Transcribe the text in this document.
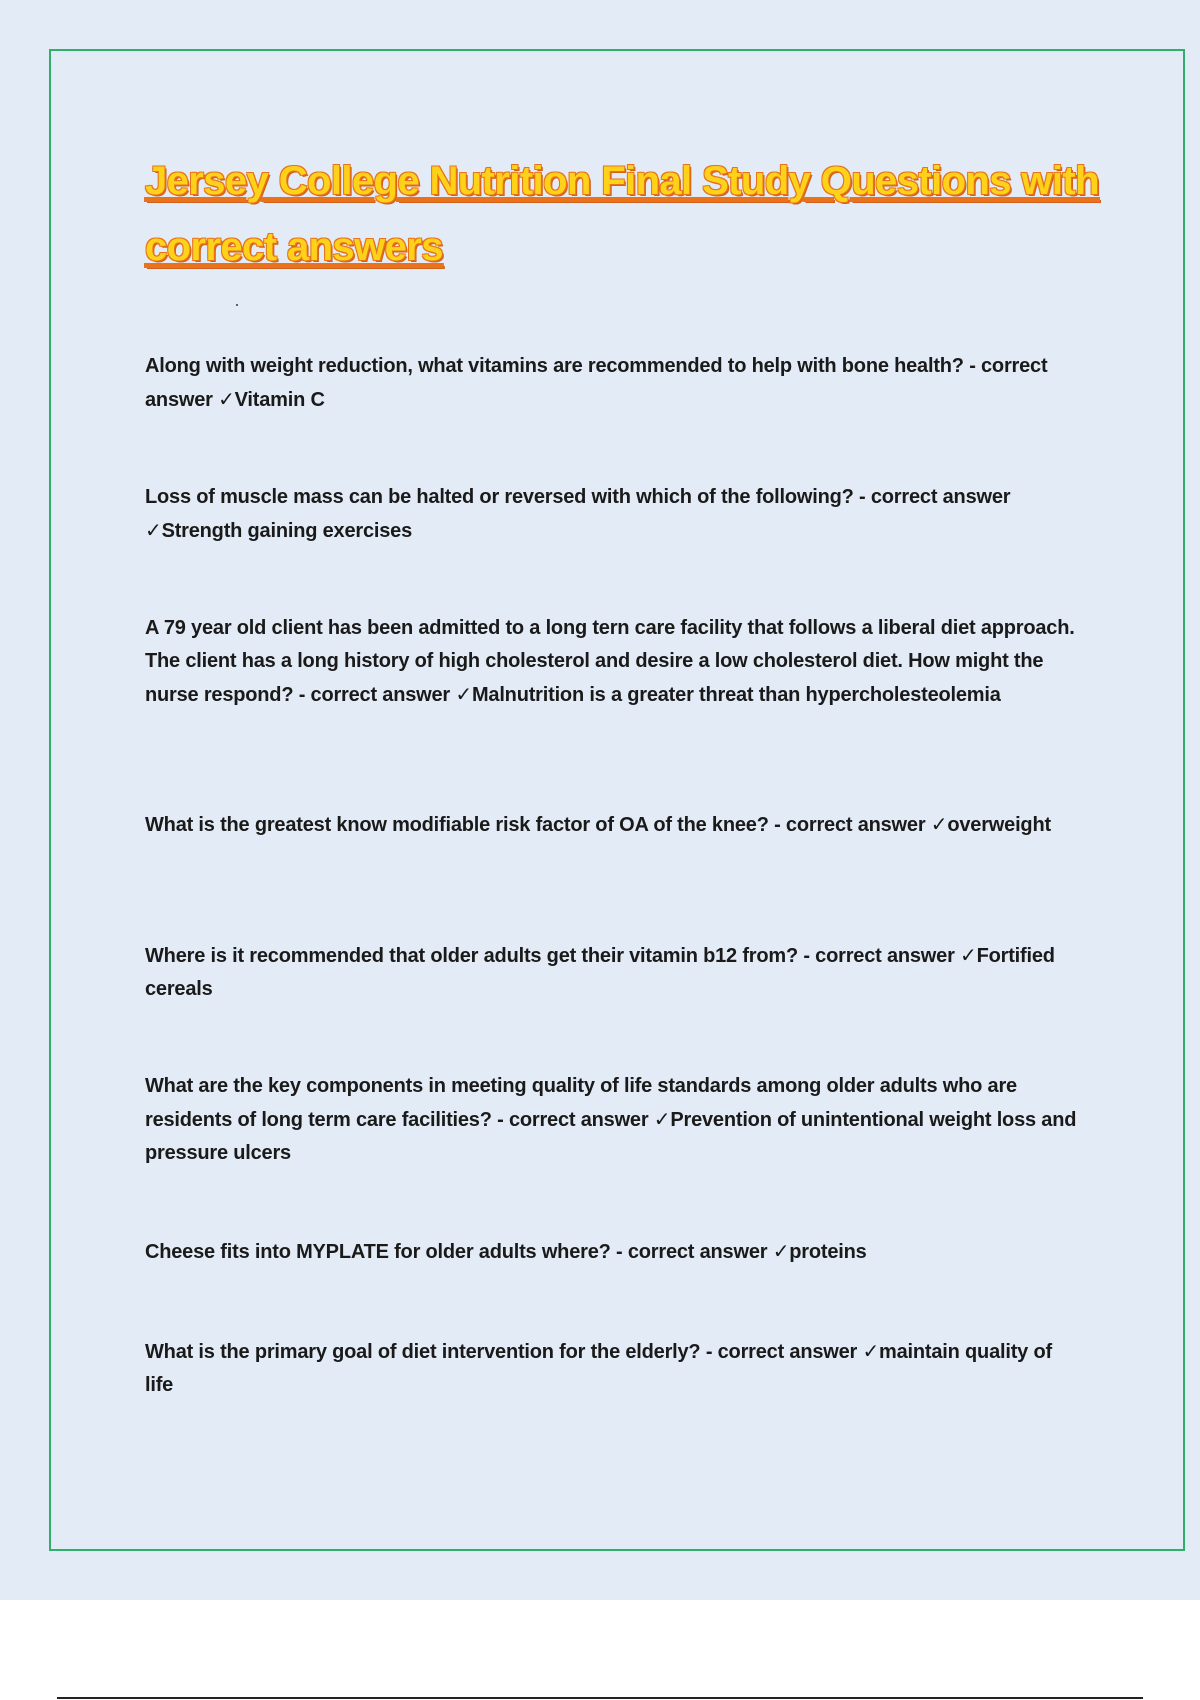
Jersey College Nutrition Final Study Questions with correct answers

Along with weight reduction, what vitamins are recommended to help with bone health? - correct answer ✓Vitamin C

Loss of muscle mass can be halted or reversed with which of the following? - correct answer ✓Strength gaining exercises

A 79 year old client has been admitted to a long tern care facility that follows a liberal diet approach. The client has a long history of high cholesterol and desire a low cholesterol diet. How might the nurse respond? - correct answer ✓Malnutrition is a greater threat than hypercholesteolemia

What is the greatest know modifiable risk factor of OA of the knee? - correct answer ✓overweight

Where is it recommended that older adults get their vitamin b12 from? - correct answer ✓Fortified cereals

What are the key components in meeting quality of life standards among older adults who are residents of long term care facilities? - correct answer ✓Prevention of unintentional weight loss and pressure ulcers

Cheese fits into MYPLATE for older adults where? - correct answer ✓proteins

What is the primary goal of diet intervention for the elderly? - correct answer ✓maintain quality of life
